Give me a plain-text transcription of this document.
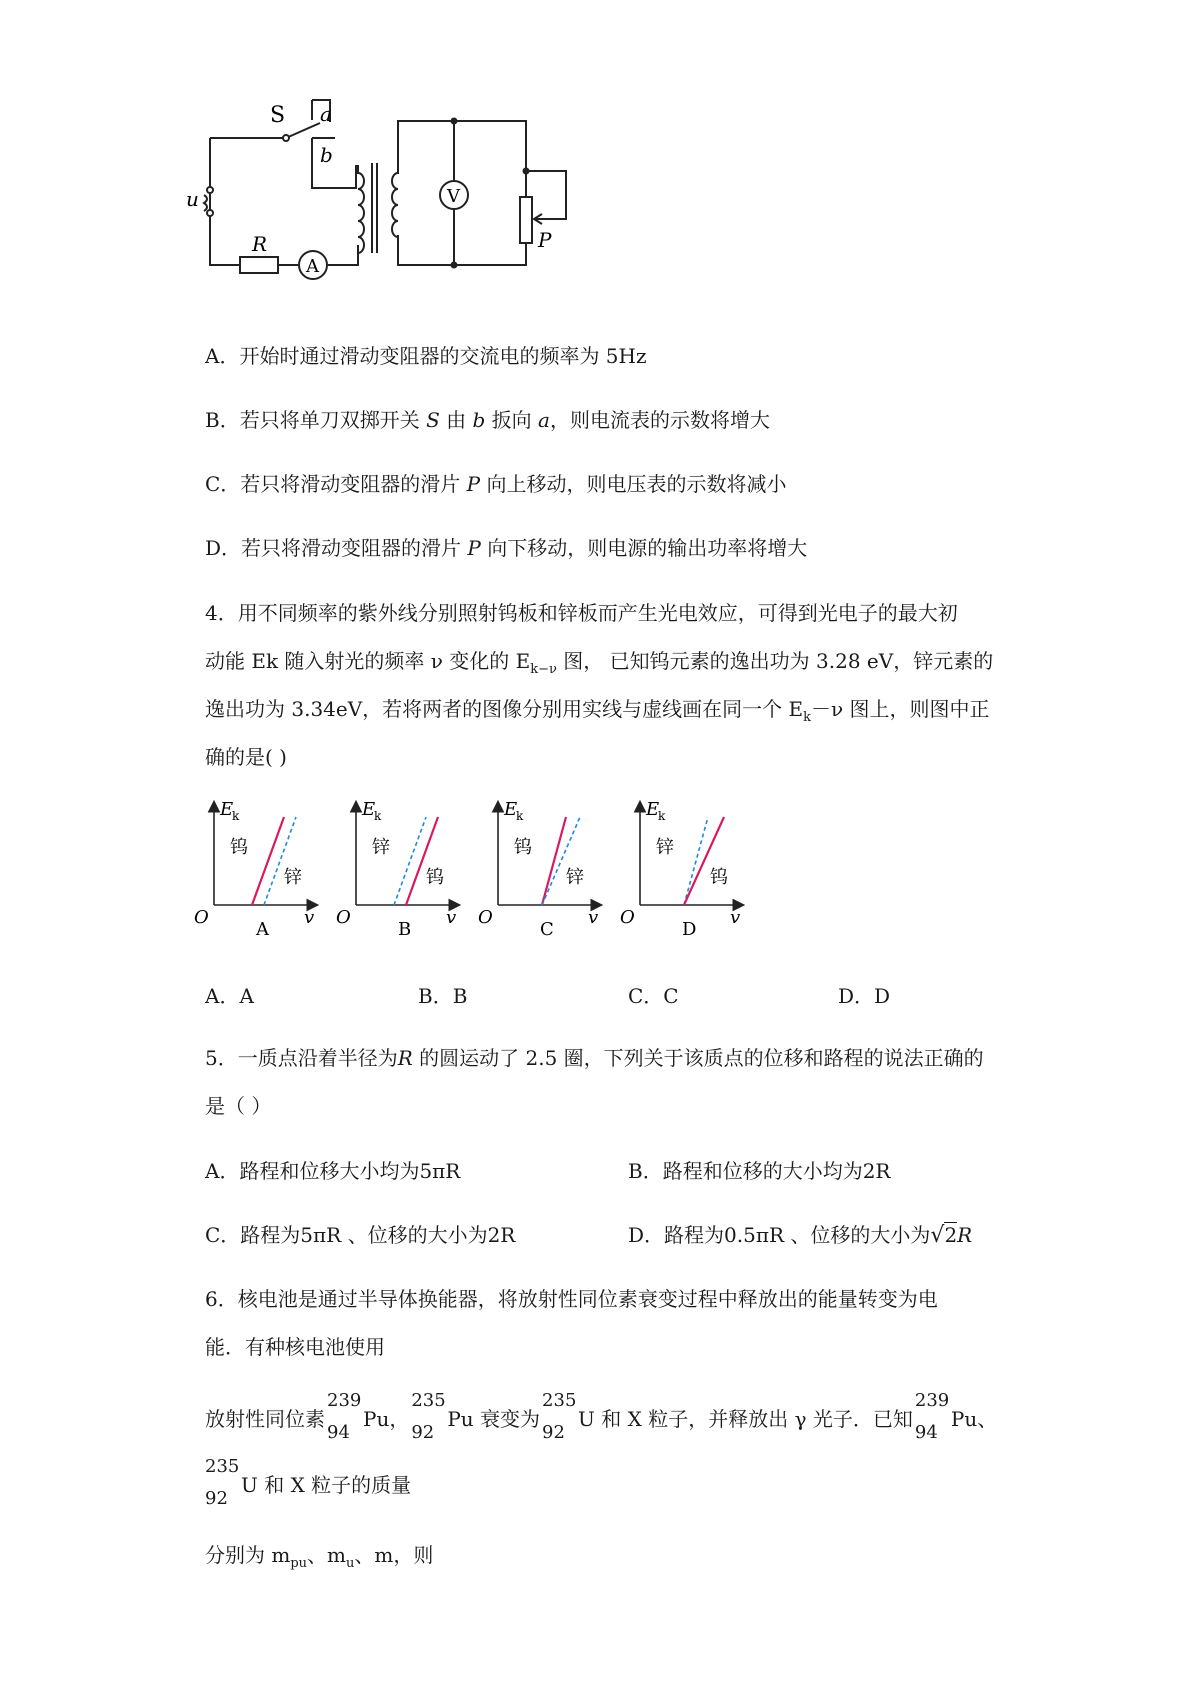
S a
b
u
R
A
V
P
A．开始时通过滑动变阻器的交流电的频率为 5Hz
B．若只将单刀双掷开关 S 由 b 扳向 a，则电流表的示数将增大
C．若只将滑动变阻器的滑片 P 向上移动，则电压表的示数将减小
D．若只将滑动变阻器的滑片 P 向下移动，则电源的输出功率将增大
4．用不同频率的紫外线分别照射钨板和锌板而产生光电效应，可得到光电子的最大初
动能 Ek 随入射光的频率 ν 变化的 $E_{k-\nu}$ 图， 已知钨元素的逸出功为 3.28 eV，锌元素的
逸出功为 3.34eV，若将两者的图像分别用实线与虚线画在同一个 $E_k-\nu$ 图上，则图中正
确的是( )
E
k
O	v
钨
锌
A
E
k
O	v
锌
钨
B
E
k
O	v
钨
锌
C
E
k
O	v
锌
钨
D
A．A	B．B	C．C	D．D
5．一质点沿着半径为R 的圆运动了 2.5 圈，下列关于该质点的位移和路程的说法正确的
是（ ）
A．路程和位移大小均为5πR	B．路程和位移的大小均为2R
C．路程为5πR 、位移的大小为2R	D．路程为0.5πR 、位移的大小为√2R
6．核电池是通过半导体换能器，将放射性同位素衰变过程中释放出的能量转变为电
能．有种核电池使用
放射性同位素
239
94
Pu，
235
92
Pu 衰变为
235
92
U 和 X 粒子，并释放出 γ 光子．已知
239
94
Pu、
235
92
U 和 X 粒子的质量
分别为 $m_{pu}$、$m_u$、m，则
